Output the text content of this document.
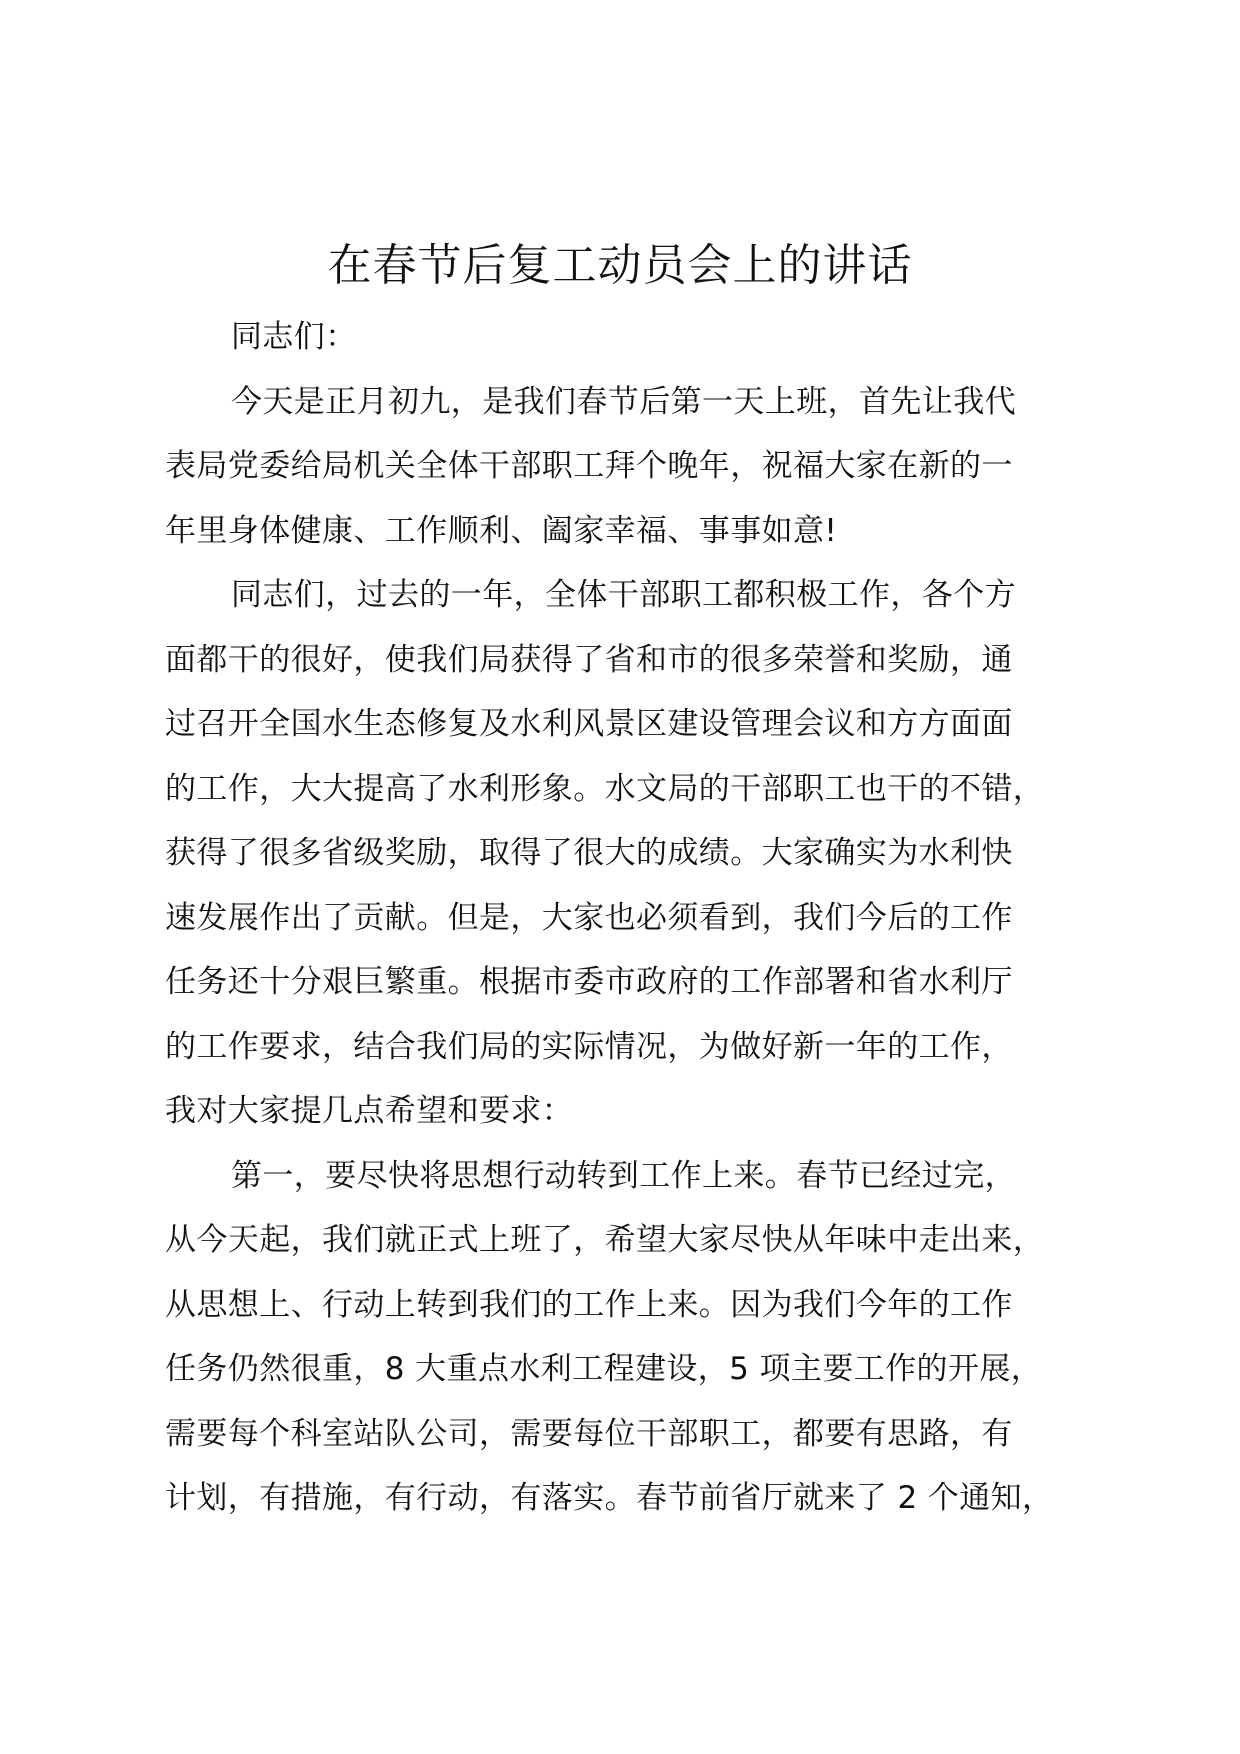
在春节后复工动员会上的讲话
同志们：
今天是正月初九，是我们春节后第一天上班，首先让我代
表局党委给局机关全体干部职工拜个晚年，祝福大家在新的一
年里身体健康、工作顺利、阖家幸福、事事如意!
同志们，过去的一年，全体干部职工都积极工作，各个方
面都干的很好，使我们局获得了省和市的很多荣誉和奖励，通
过召开全国水生态修复及水利风景区建设管理会议和方方面面
的工作，大大提高了水利形象。水文局的干部职工也干的不错，
获得了很多省级奖励，取得了很大的成绩。大家确实为水利快
速发展作出了贡献。但是，大家也必须看到，我们今后的工作
任务还十分艰巨繁重。根据市委市政府的工作部署和省水利厅
的工作要求，结合我们局的实际情况，为做好新一年的工作，
我对大家提几点希望和要求：
第一，要尽快将思想行动转到工作上来。春节已经过完，
从今天起，我们就正式上班了，希望大家尽快从年味中走出来，
从思想上、行动上转到我们的工作上来。因为我们今年的工作
任务仍然很重，8 大重点水利工程建设，5 项主要工作的开展，
需要每个科室站队公司，需要每位干部职工，都要有思路，有
计划，有措施，有行动，有落实。春节前省厅就来了 2 个通知，
